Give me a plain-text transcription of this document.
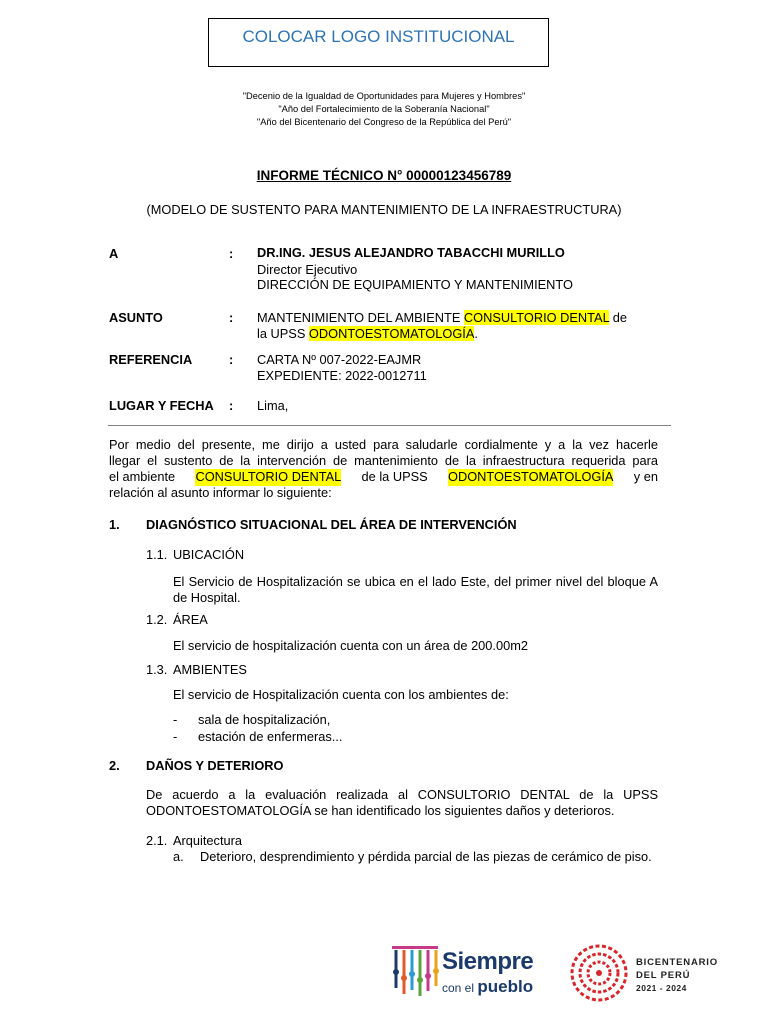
COLOCAR LOGO INSTITUCIONAL
"Decenio de la Igualdad de Oportunidades para Mujeres y Hombres"
"Año del Fortalecimiento de la Soberanía Nacional"
"Año del Bicentenario del Congreso de la República del Perú"
INFORME TÉCNICO N° 00000123456789
(MODELO DE SUSTENTO PARA MANTENIMIENTO DE LA INFRAESTRUCTURA)
A	: DR.ING. JESUS ALEJANDRO TABACCHI MURILLO
Director Ejecutivo
DIRECCIÓN DE EQUIPAMIENTO Y MANTENIMIENTO
ASUNTO	: MANTENIMIENTO DEL AMBIENTE CONSULTORIO DENTAL de
la UPSS ODONTOESTOMATOLOGÍA.
REFERENCIA	: CARTA Nº 007-2022-EAJMR
EXPEDIENTE: 2022-0012711
LUGAR Y FECHA : Lima,
Por medio del presente, me dirijo a usted para saludarle cordialmente y a la vez hacerle
llegar el sustento de la intervención de mantenimiento de la infraestructura requerida para
el ambiente CONSULTORIO DENTAL de la UPSS ODONTOESTOMATOLOGÍA y en
relación al asunto informar lo siguiente:
1. DIAGNÓSTICO SITUACIONAL DEL ÁREA DE INTERVENCIÓN
1.1. UBICACIÓN
El Servicio de Hospitalización se ubica en el lado Este, del primer nivel del bloque A
de Hospital.
1.2. ÁREA
El servicio de hospitalización cuenta con un área de 200.00m2
1.3. AMBIENTES
El servicio de Hospitalización cuenta con los ambientes de:
- sala de hospitalización,
- estación de enfermeras...
2. DAÑOS Y DETERIORO
De acuerdo a la evaluación realizada al CONSULTORIO DENTAL de la UPSS
ODONTOESTOMATOLOGÍA se han identificado los siguientes daños y deterioros.
2.1. Arquitectura
a. Deterioro, desprendimiento y pérdida parcial de las piezas de cerámico de piso.
Siempre
con el pueblo
BICENTENARIO
DEL PERÚ
2021 - 2024
